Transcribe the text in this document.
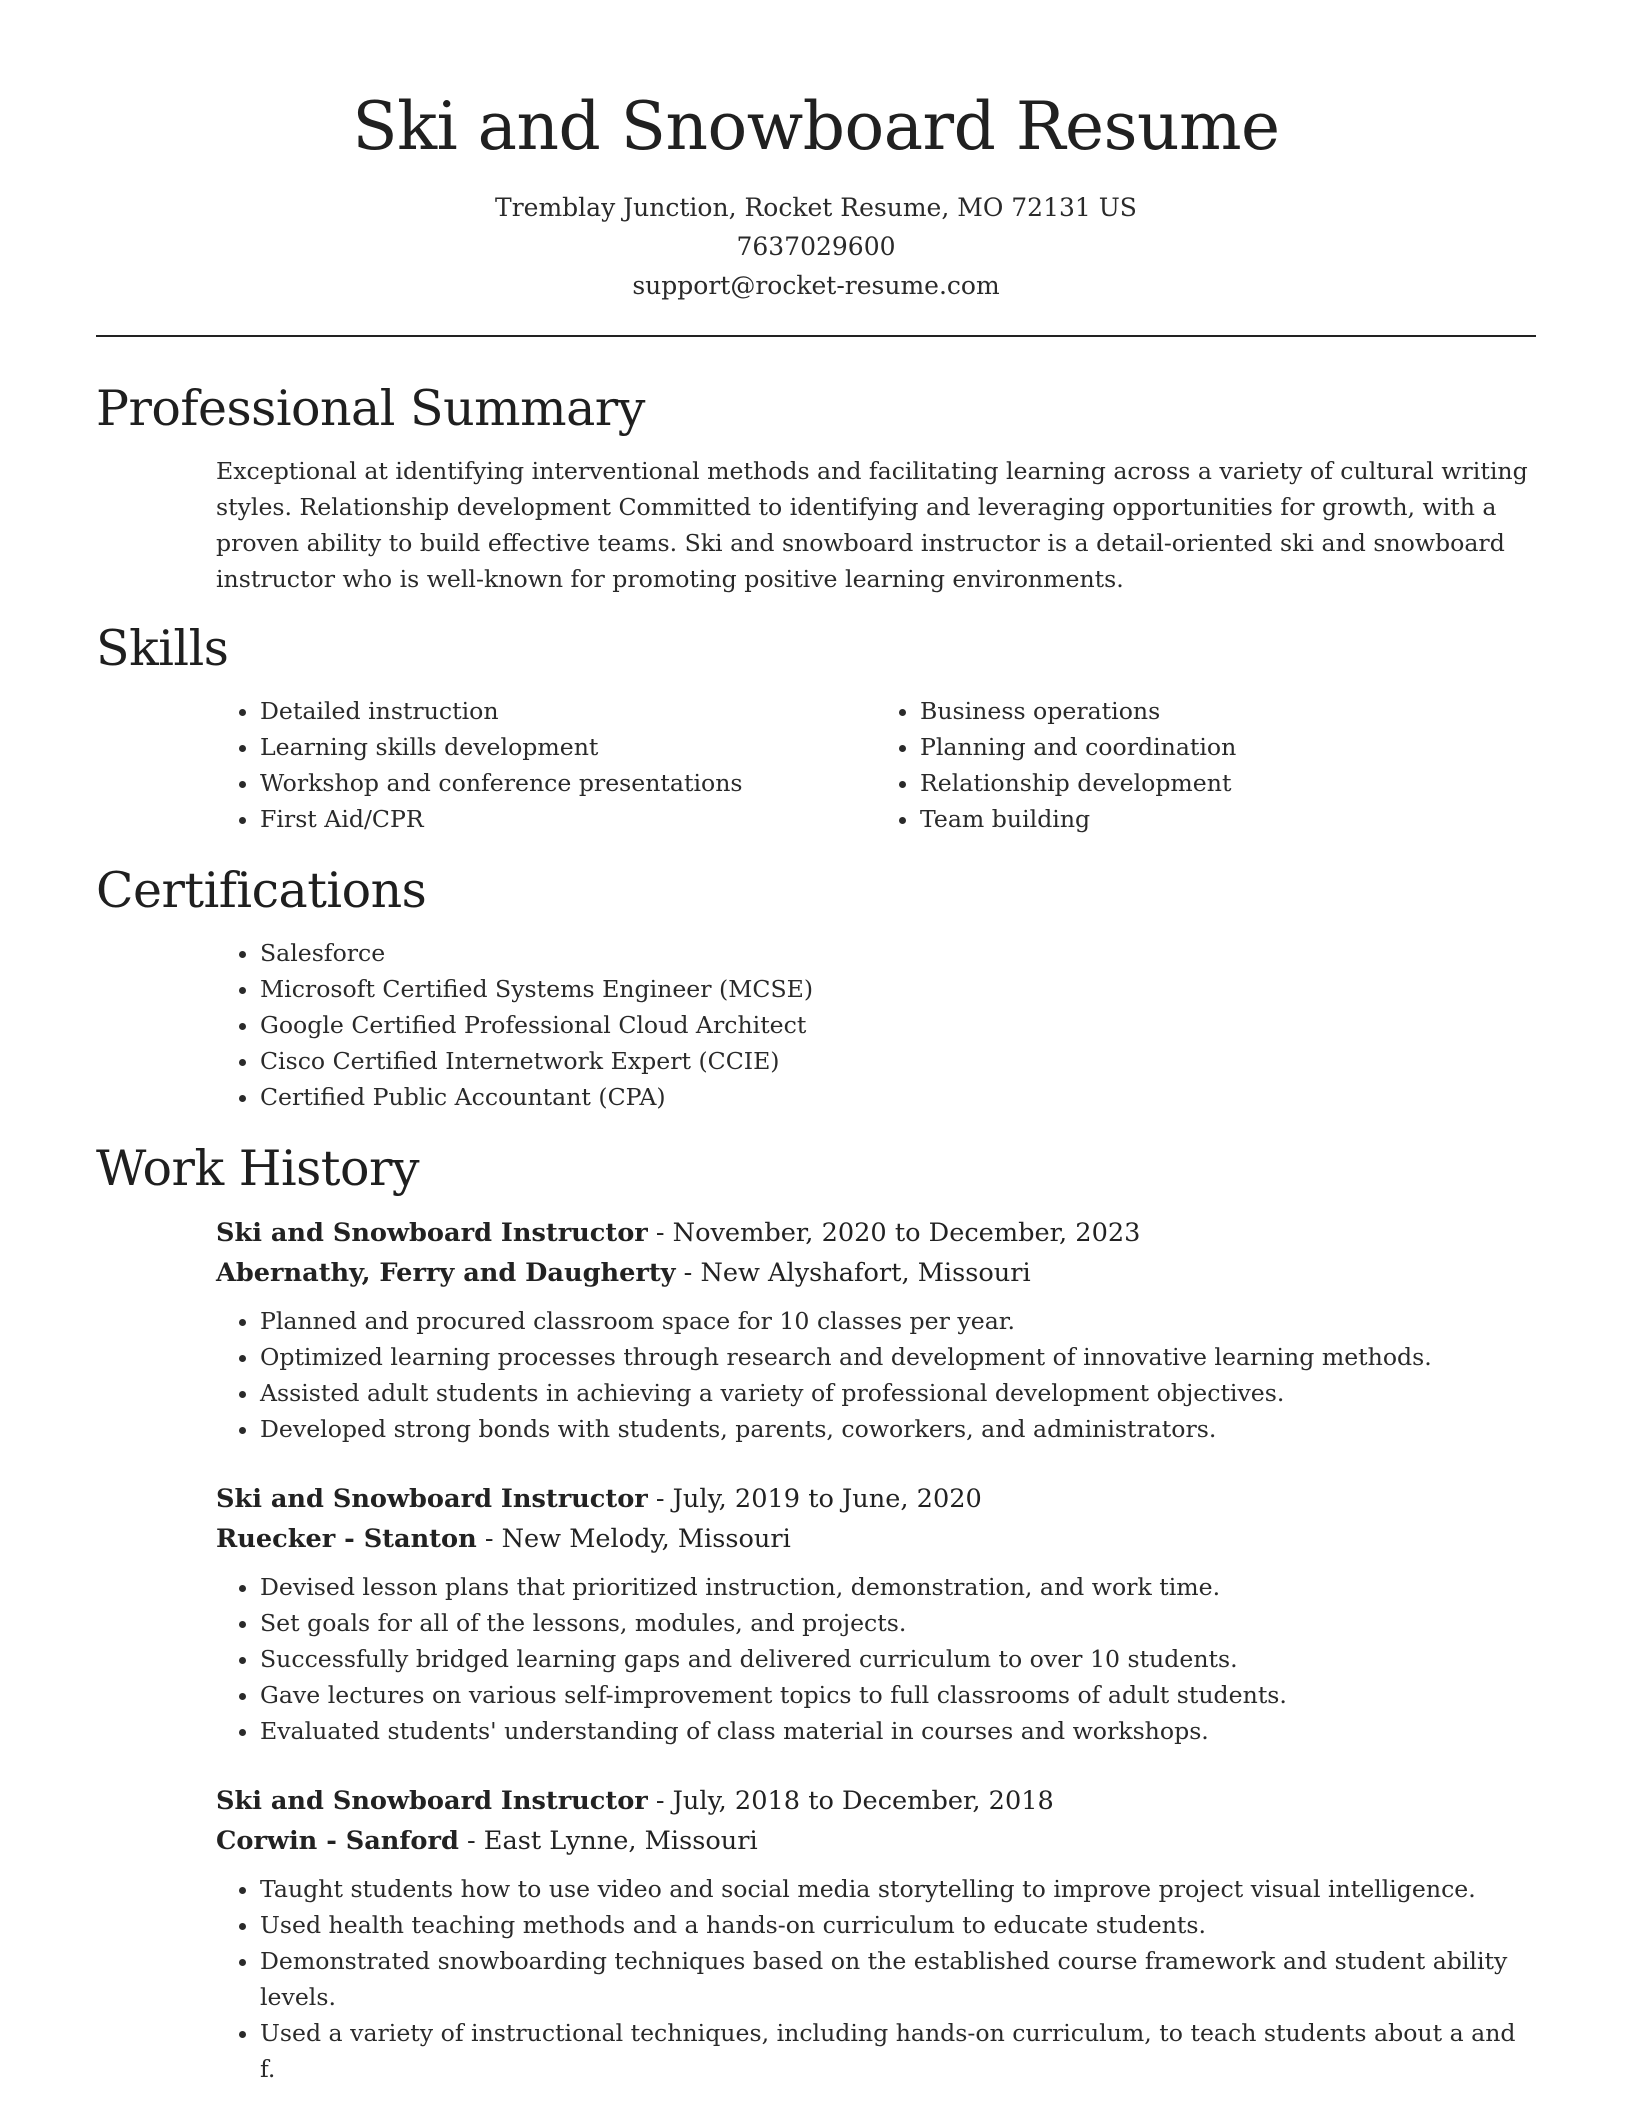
Ski and Snowboard Resume
Tremblay Junction, Rocket Resume, MO 72131 US
7637029600
support@rocket-resume.com
Professional Summary

Exceptional at identifying interventional methods and facilitating learning across a variety of cultural writing styles. Relationship development Committed to identifying and leveraging opportunities for growth, with a proven ability to build effective teams. Ski and snowboard instructor is a detail-oriented ski and snowboard instructor who is well-known for promoting positive learning environments.

Skills
• Detailed instruction
• Learning skills development
• Workshop and conference presentations
• First Aid/CPR
• Business operations
• Planning and coordination
• Relationship development
• Team building
Certifications
• Salesforce
• Microsoft Certified Systems Engineer (MCSE)
• Google Certified Professional Cloud Architect
• Cisco Certified Internetwork Expert (CCIE)
• Certified Public Accountant (CPA)
Work History
Ski and Snowboard Instructor - November, 2020 to December, 2023
Abernathy, Ferry and Daugherty - New Alyshafort, Missouri
• Planned and procured classroom space for 10 classes per year.
• Optimized learning processes through research and development of innovative learning methods.
• Assisted adult students in achieving a variety of professional development objectives.
• Developed strong bonds with students, parents, coworkers, and administrators.
Ski and Snowboard Instructor - July, 2019 to June, 2020
Ruecker - Stanton - New Melody, Missouri
• Devised lesson plans that prioritized instruction, demonstration, and work time.
• Set goals for all of the lessons, modules, and projects.
• Successfully bridged learning gaps and delivered curriculum to over 10 students.
• Gave lectures on various self-improvement topics to full classrooms of adult students.
• Evaluated students' understanding of class material in courses and workshops.
Ski and Snowboard Instructor - July, 2018 to December, 2018
Corwin - Sanford - East Lynne, Missouri
• Taught students how to use video and social media storytelling to improve project visual intelligence.
• Used health teaching methods and a hands-on curriculum to educate students.
• Demonstrated snowboarding techniques based on the established course framework and student ability levels.
• Used a variety of instructional techniques, including hands-on curriculum, to teach students about a and f.
